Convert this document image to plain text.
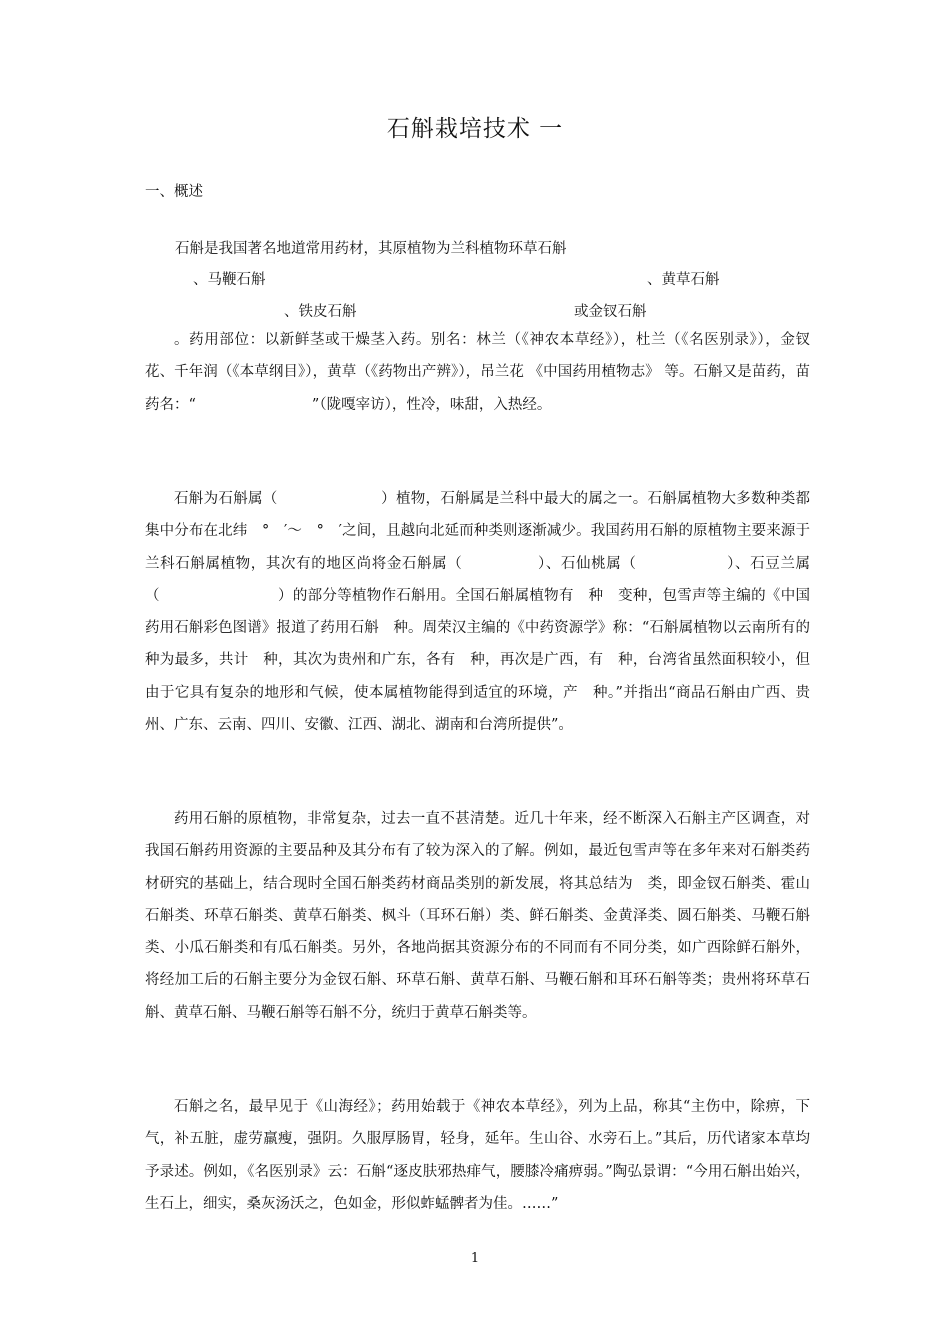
石斛栽培技术 一
一、概述
石斛是我国著名地道常用药材，其原植物为兰科植物环草石斛
、马鞭石斛	、黄草石斛
、铁皮石斛	或金钗石斛

。药用部位：以新鲜茎或干燥茎入药。别名：林兰（《神农本草经》），杜兰（《名医别录》），金钗花、千年润（《本草纲目》），黄草（《药物出产辨》），吊兰花 《中国药用植物志》 等。石斛又是苗药，苗药名：“　　　　　　　　”（陇嘎宰访），性冷，味甜，入热经。

石斛为石斛属（　　　　　　　）植物，石斛属是兰科中最大的属之一。石斛属植物大多数种类都集中分布在北纬　°　′～　°　′之间，且越向北延而种类则逐渐减少。我国药用石斛的原植物主要来源于兰科石斛属植物，其次有的地区尚将金石斛属（　　　　　）、石仙桃属（　　　　　　）、石豆兰属（　　　　　　　　）的部分等植物作石斛用。全国石斛属植物有　种　变种，包雪声等主编的《中国药用石斛彩色图谱》报道了药用石斛　种。周荣汉主编的《中药资源学》称：“石斛属植物以云南所有的种为最多，共计　种，其次为贵州和广东，各有　种，再次是广西，有　种，台湾省虽然面积较小，但由于它具有复杂的地形和气候，使本属植物能得到适宜的环境，产　种。”并指出“商品石斛由广西、贵州、广东、云南、四川、安徽、江西、湖北、湖南和台湾所提供”。

药用石斛的原植物，非常复杂，过去一直不甚清楚。近几十年来，经不断深入石斛主产区调查，对我国石斛药用资源的主要品种及其分布有了较为深入的了解。例如，最近包雪声等在多年来对石斛类药材研究的基础上，结合现时全国石斛类药材商品类别的新发展，将其总结为　类，即金钗石斛类、霍山石斛类、环草石斛类、黄草石斛类、枫斗（耳环石斛）类、鲜石斛类、金黄泽类、圆石斛类、马鞭石斛类、小瓜石斛类和有瓜石斛类。另外，各地尚据其资源分布的不同而有不同分类，如广西除鲜石斛外，将经加工后的石斛主要分为金钗石斛、环草石斛、黄草石斛、马鞭石斛和耳环石斛等类；贵州将环草石斛、黄草石斛、马鞭石斛等石斛不分，统归于黄草石斛类等。

石斛之名，最早见于《山海经》；药用始载于《神农本草经》，列为上品，称其“主伤中，除痹，下气，补五脏，虚劳羸瘦，强阴。久服厚肠胃，轻身，延年。生山谷、水旁石上。”其后，历代诸家本草均予录述。例如，《名医别录》云：石斛“逐皮肤邪热痱气，腰膝冷痛痹弱。”陶弘景谓：“今用石斛出始兴，生石上，细实，桑灰汤沃之，色如金，形似蚱蜢髀者为佳。……”

1
